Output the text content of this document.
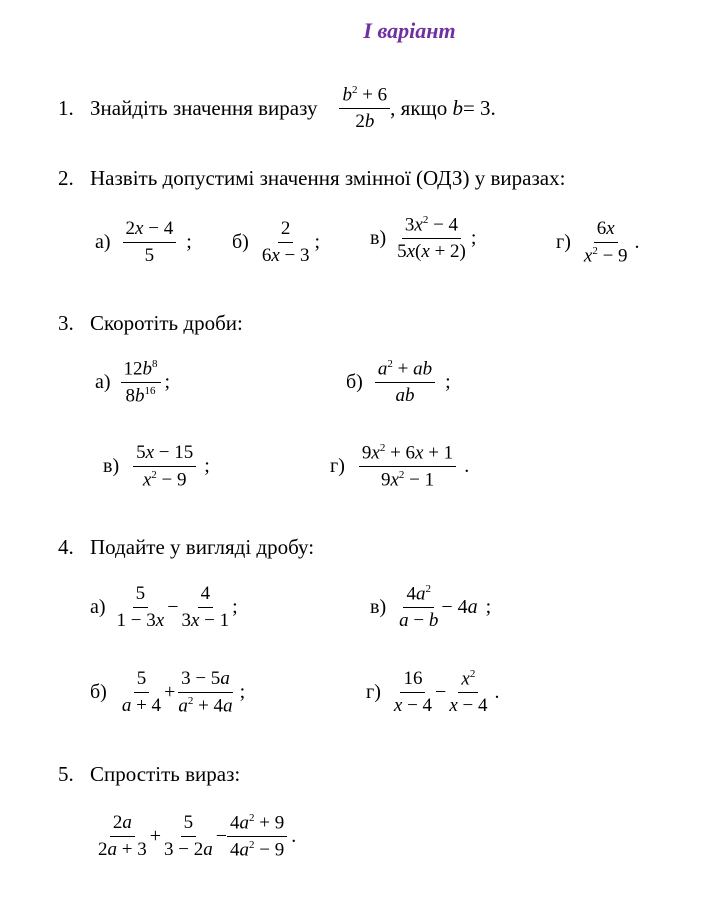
І варіант
1. Знайдіть значення виразу $\frac{b^2 + 6}{2b}$ , якщо
b = 3.
2. Назвіть допустимі значення змінної (ОДЗ) у виразах:
$а) \frac{2x - 4}{5}$ ; $б) \frac{2}{6x - 3}$ ; $в) \frac{3x^2 - 4}{5x(x + 2)}$ ;	$г) \frac{6x}{x^2 - 9}$ .
3. Скоротіть дроби:
$а) \frac{12b^8}{8b^{16}}$ ;	$б) \frac{a^2 + ab}{ab}$ ;
$в) \frac{5x - 15}{x^2 - 9}$ ;	$г) \frac{9x^2 + 6x + 1}{9x^2 - 1}$ .
4. Подайте у вигляді дробу:
$а) \frac{5}{1 - 3x} - \frac{4}{3x - 1}$ ;	$в) \frac{4a^2}{a - b} - 4a$ ;
$б) \frac{5}{a + 4} + \frac{3 - 5a}{a^2 + 4a}$ ;	$г) \frac{16}{x - 4} - \frac{x^2}{x - 4}$ .
5. Спростіть вираз:
$\frac{2a}{2a + 3} + \frac{5}{3 - 2a} - \frac{4a^2 + 9}{4a^2 - 9}$ .
